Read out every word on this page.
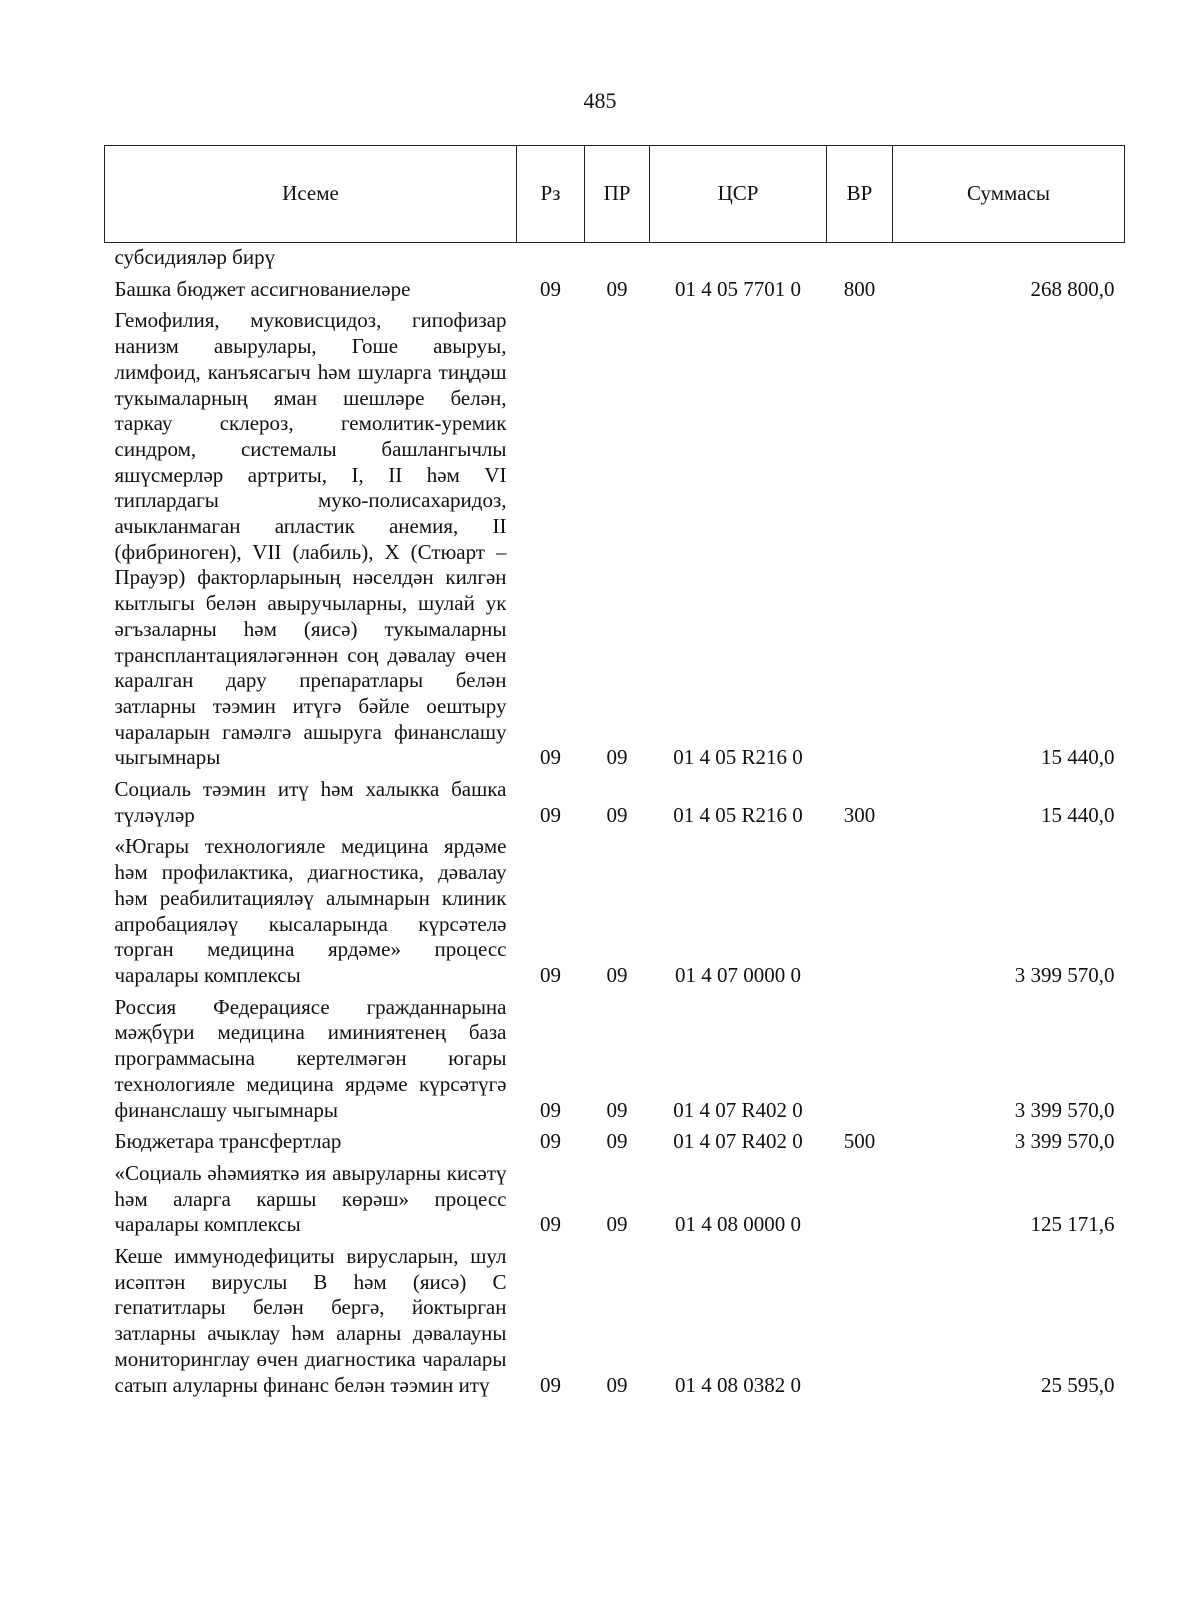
485
Исеме	Рз	ПР	ЦСР	ВР	Суммасы
субсидияләр бирү					
Башка бюджет ассигнованиеләре	09	09	01 4 05 7701 0	800	268 800,0
Гемофилия, муковисцидоз, гипофизар нанизм авырулары, Гоше авыруы, лимфоид, канъясагыч һәм шуларга тиңдәш тукымаларның яман шешләре белән, таркау склероз, гемолитик-уремик синдром, системалы башлангычлы яшүсмерләр артриты, I, II һәм VI типлардагы муко-полисахаридоз, ачыкланмаган апластик анемия, II (фибриноген), VII (лабиль), X (Стюарт – Прауэр) факторларының нәселдән килгән кытлыгы белән авыручыларны, шулай ук әгъзаларны һәм (яисә) тукымаларны трансплантацияләгәннән соң дәвалау өчен каралган дару препаратлары белән затларны тәэмин итүгә бәйле оештыру чараларын гамәлгә ашыруга финанслашу чыгымнары	09	09	01 4 05 R216 0		15 440,0
Социаль тәэмин итү һәм халыкка башка түләүләр	09	09	01 4 05 R216 0	300	15 440,0
«Югары технологияле медицина ярдәме һәм профилактика, диагностика, дәвалау һәм реабилитацияләү алымнарын клиник апробацияләү кысаларында күрсәтелә торган медицина ярдәме» процесс чаралары комплексы	09	09	01 4 07 0000 0		3 399 570,0
Россия Федерациясе гражданнарына мәҗбүри медицина иминиятенең база программасына кертелмәгән югары технологияле медицина ярдәме күрсәтүгә финанслашу чыгымнары	09	09	01 4 07 R402 0		3 399 570,0
Бюджетара трансфертлар	09	09	01 4 07 R402 0	500	3 399 570,0
«Социаль әһәмияткә ия авыруларны кисәтү һәм аларга каршы көрәш» процесс чаралары комплексы	09	09	01 4 08 0000 0		125 171,6
Кеше иммунодефициты вирусларын, шул исәптән вируслы В һәм (яисә) С гепатитлары белән бергә, йоктырган затларны ачыклау һәм аларны дәвалауны мониторинглау өчен диагностика чаралары сатып алуларны финанс белән тәэмин итү	09	09	01 4 08 0382 0		25 595,0
